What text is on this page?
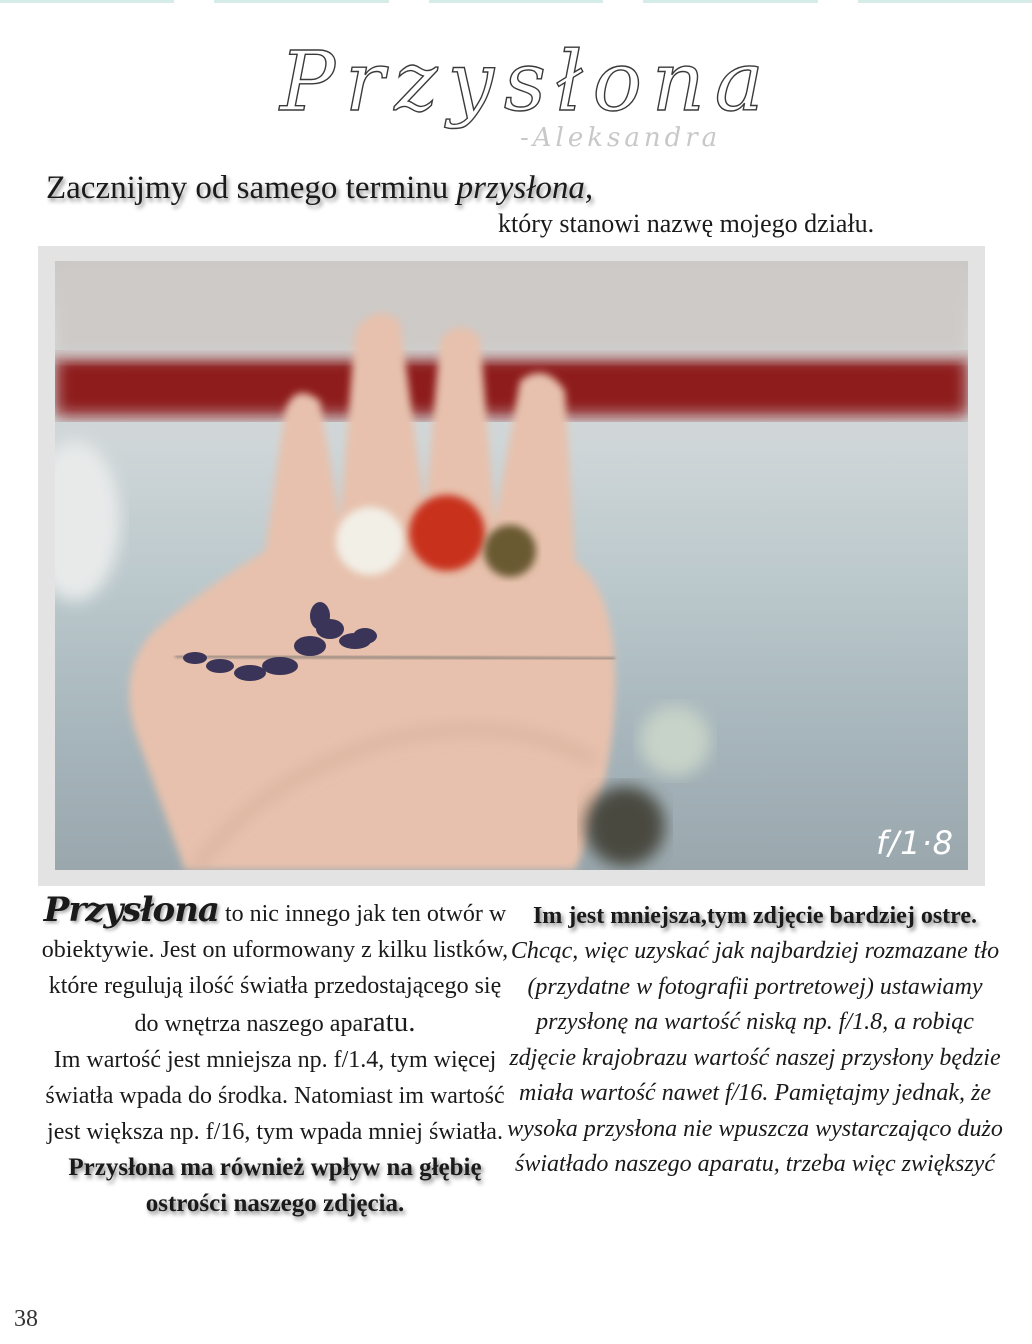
Przysłona
-Aleksandra
Zacznijmy od samego terminu przysłona,
który stanowi nazwę mojego działu.
f/1·8
Przysłona to nic innego jak ten otwór w obiektywie. Jest on uformowany z kilku listków, które regulują ilość światła przedostającego się do wnętrza naszego aparatu.
Im wartość jest mniejsza np. f/1.4, tym więcej światła wpada do środka. Natomiast im wartość jest większa np. f/16, tym wpada mniej światła.
Przysłona ma również wpływ na głębię ostrości naszego zdjęcia.
Im jest mniejsza,tym zdjęcie bardziej ostre.
Chcąc, więc uzyskać jak najbardziej rozmazane tło (przydatne w fotografii portretowej) ustawiamy przysłonę na wartość niską np. f/1.8, a robiąc zdjęcie krajobrazu wartość naszej przysłony będzie miała wartość nawet f/16. Pamiętajmy jednak, że wysoka przysłona nie wpuszcza wystarczająco dużo światłado naszego aparatu, trzeba więc zwiększyć
38
